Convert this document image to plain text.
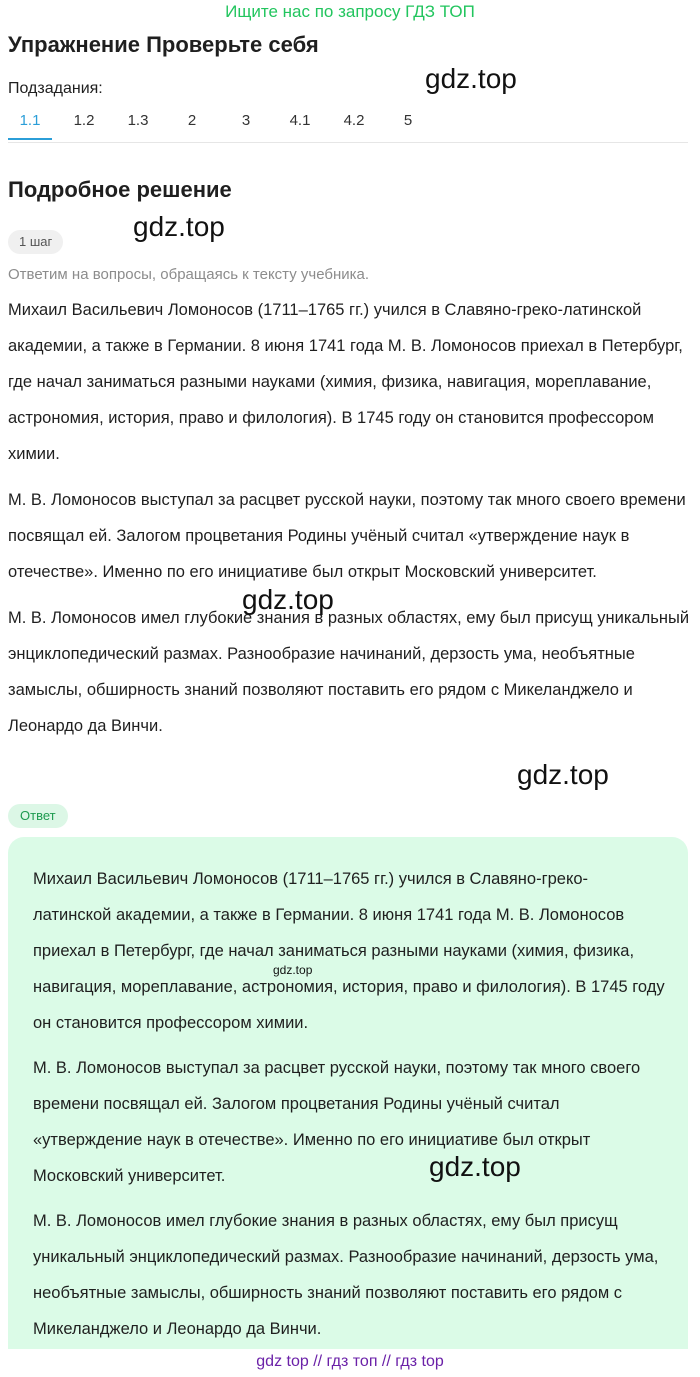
Ищите нас по запросу ГДЗ ТОП
Упражнение Проверьте себя
Подзадания:
1.1	1.2	1.3	2	3	4.1	4.2	5
Подробное решение
1 шаг
Ответим на вопросы, обращаясь к тексту учебника.

Михаил Васильевич Ломоносов (1711–1765 гг.) учился в Славяно-греко-латинской академии, а также в Германии. 8 июня 1741 года М. В. Ломоносов приехал в Петербург, где начал заниматься разными науками (химия, физика, навигация, мореплавание, астрономия, история, право и филология). В 1745 году он становится профессором химии.

М. В. Ломоносов выступал за расцвет русской науки, поэтому так много своего времени посвящал ей. Залогом процветания Родины учёный считал «утверждение наук в отечестве». Именно по его инициативе был открыт Московский университет.

М. В. Ломоносов имел глубокие знания в разных областях, ему был присущ уникальный энциклопедический размах. Разнообразие начинаний, дерзость ума, необъятные замыслы, обширность знаний позволяют поставить его рядом с Микеланджело и Леонардо да Винчи.

Ответ

Михаил Васильевич Ломоносов (1711–1765 гг.) учился в Славяно-греко-латинской академии, а также в Германии. 8 июня 1741 года М. В. Ломоносов приехал в Петербург, где начал заниматься разными науками (химия, физика, навигация, мореплавание, астрономия, история, право и филология). В 1745 году он становится профессором химии.

М. В. Ломоносов выступал за расцвет русской науки, поэтому так много своего времени посвящал ей. Залогом процветания Родины учёный считал «утверждение наук в отечестве». Именно по его инициативе был открыт Московский университет.

М. В. Ломоносов имел глубокие знания в разных областях, ему был присущ уникальный энциклопедический размах. Разнообразие начинаний, дерзость ума, необъятные замыслы, обширность знаний позволяют поставить его рядом с Микеланджело и Леонардо да Винчи.

gdz.top
gdz.top
gdz.top
gdz.top
gdz.top
gdz.top
gdz top // гдз топ // гдз top
